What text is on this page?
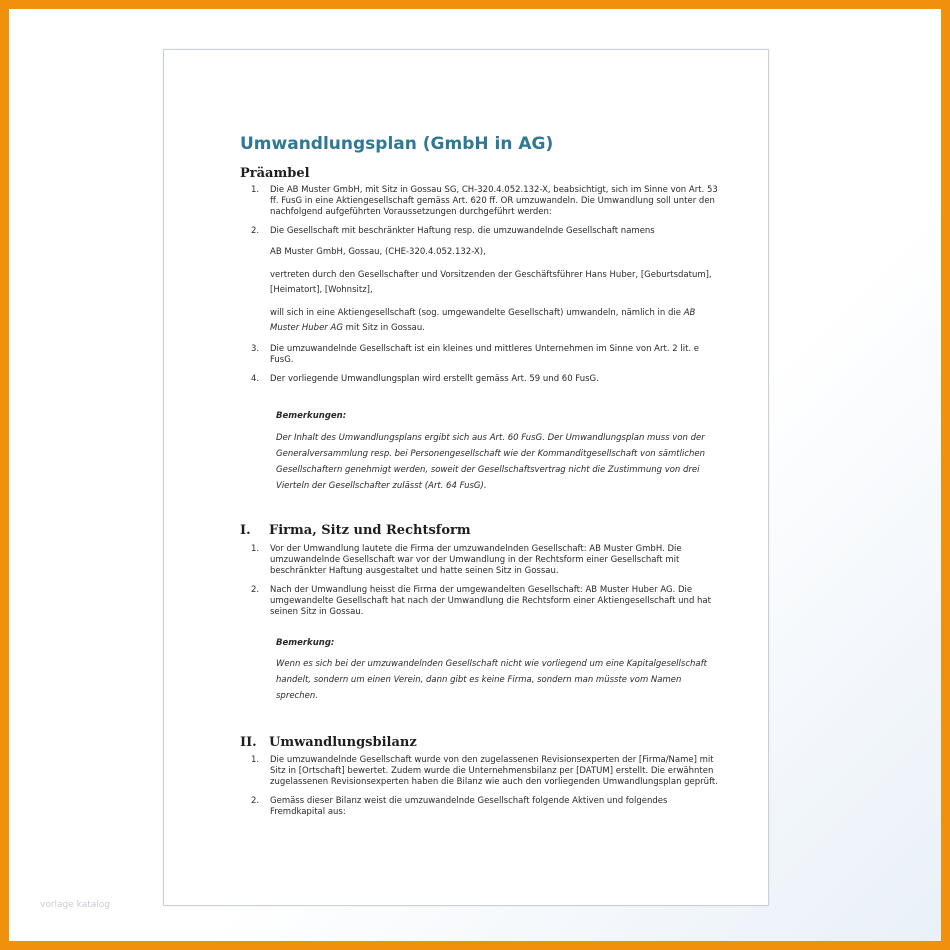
vorlage katalog
Umwandlungsplan (GmbH in AG)
Präambel
1. Die AB Muster GmbH, mit Sitz in Gossau SG, CH-320.4.052.132-X, beabsichtigt, sich im Sinne von Art. 53 ff. FusG in eine Aktiengesellschaft gemäss Art. 620 ff. OR umzuwandeln. Die Umwandlung soll unter den nachfolgend aufgeführten Voraussetzungen durchgeführt werden:
2. Die Gesellschaft mit beschränkter Haftung resp. die umzuwandelnde Gesellschaft namens

AB Muster GmbH, Gossau, (CHE-320.4.052.132-X),

vertreten durch den Gesellschafter und Vorsitzenden der Geschäftsführer Hans Huber, [Geburtsdatum], [Heimatort], [Wohnsitz],

will sich in eine Aktiengesellschaft (sog. umgewandelte Gesellschaft) umwandeln, nämlich in die AB Muster Huber AG mit Sitz in Gossau.

3. Die umzuwandelnde Gesellschaft ist ein kleines und mittleres Unternehmen im Sinne von Art. 2 lit. e FusG.
4. Der vorliegende Umwandlungsplan wird erstellt gemäss Art. 59 und 60 FusG.

Bemerkungen:

Der Inhalt des Umwandlungsplans ergibt sich aus Art. 60 FusG. Der Umwandlungsplan muss von der Generalversammlung resp. bei Personengesellschaft wie der Kommanditgesellschaft von sämtlichen Gesellschaftern genehmigt werden, soweit der Gesellschaftsvertrag nicht die Zustimmung von drei Vierteln der Gesellschafter zulässt (Art. 64 FusG).

I. Firma, Sitz und Rechtsform
1. Vor der Umwandlung lautete die Firma der umzuwandelnden Gesellschaft: AB Muster GmbH. Die umzuwandelnde Gesellschaft war vor der Umwandlung in der Rechtsform einer Gesellschaft mit beschränkter Haftung ausgestaltet und hatte seinen Sitz in Gossau.
2. Nach der Umwandlung heisst die Firma der umgewandelten Gesellschaft: AB Muster Huber AG. Die umgewandelte Gesellschaft hat nach der Umwandlung die Rechtsform einer Aktiengesellschaft und hat seinen Sitz in Gossau.

Bemerkung:

Wenn es sich bei der umzuwandelnden Gesellschaft nicht wie vorliegend um eine Kapitalgesellschaft handelt, sondern um einen Verein, dann gibt es keine Firma, sondern man müsste vom Namen sprechen.

II. Umwandlungsbilanz
1. Die umzuwandelnde Gesellschaft wurde von den zugelassenen Revisionsexperten der [Firma/Name] mit Sitz in [Ortschaft] bewertet. Zudem wurde die Unternehmensbilanz per [DATUM] erstellt. Die erwähnten zugelassenen Revisionsexperten haben die Bilanz wie auch den vorliegenden Umwandlungsplan geprüft.
2. Gemäss dieser Bilanz weist die umzuwandelnde Gesellschaft folgende Aktiven und folgendes Fremdkapital aus:
